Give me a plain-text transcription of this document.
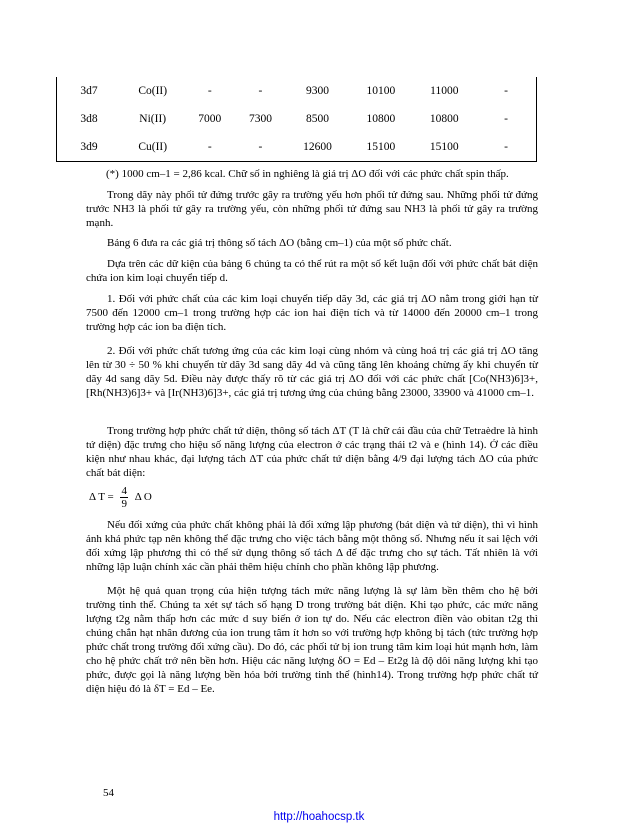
3d7	Co(II)	-	-	9300	10100	11000	-
3d8	Ni(II)	7000	7300	8500	10800	10800	-
3d9	Cu(II)	-	-	12600	15100	15100	-
(*) 1000 cm–1 = 2,86 kcal. Chữ số in nghiêng là giá trị ΔO đối với các phức chất spin thấp.
Trong dãy này phối tử đứng trước gây ra trường yếu hơn phối tử đứng sau. Những phối tử đứng trước NH3 là phối tử gây ra trường yếu, còn những phối tử đứng sau NH3 là phối tử gây ra trường mạnh.
Bảng 6 đưa ra các giá trị thông số tách ΔO (bằng cm–1) của một số phức chất.
Dựa trên các dữ kiện của bảng 6 chúng ta có thể rút ra một số kết luận đối với phức chất bát diện chứa ion kim loại chuyển tiếp d.
1. Đối với phức chất của các kim loại chuyển tiếp dãy 3d, các giá trị ΔO nằm trong giới hạn từ 7500 đến 12000 cm–1 trong trường hợp các ion hai điện tích và từ 14000 đến 20000 cm–1 trong trường hợp các ion ba điện tích.
2. Đối với phức chất tương ứng của các kim loại cùng nhóm và cùng hoá trị các giá trị ΔO tăng lên từ 30 ÷ 50 % khi chuyển từ dãy 3d sang dãy 4d và cũng tăng lên khoảng chừng ấy khi chuyển từ dãy 4d sang dãy 5d. Điều này được thấy rõ từ các giá trị ΔO đối với các phức chất [Co(NH3)6]3+, [Rh(NH3)6]3+ và [Ir(NH3)6]3+, các giá trị tương ứng của chúng bằng 23000, 33900 và 41000 cm–1.
Trong trường hợp phức chất tứ diện, thông số tách ΔT (T là chữ cái đầu của chữ Tetraèdre là hình tứ diện) đặc trưng cho hiệu số năng lượng của electron ở các trạng thái t2 và e (hình 14). Ở các điều kiện như nhau khác, đại lượng tách ΔT của phức chất tứ diện bằng 4/9 đại lượng tách ΔO của phức chất bát diện:
Δ $T = \frac{4}{9}$ Δ O
Nếu đối xứng của phức chất không phải là đối xứng lập phương (bát diện và tứ diện), thì vì hình ảnh khá phức tạp nên không thể đặc trưng cho việc tách bằng một thông số. Nhưng nếu ít sai lệch với đối xứng lập phương thì có thể sử dụng thông số tách Δ để đặc trưng cho sự tách. Tất nhiên là với những lập luận chính xác cần phải thêm hiệu chính cho phần không lập phương.
Một hệ quả quan trọng của hiện tượng tách mức năng lượng là sự làm bền thêm cho hệ bởi trường tinh thể. Chúng ta xét sự tách số hạng D trong trường bát diện. Khi tạo phức, các mức năng lượng t2g nằm thấp hơn các mức d suy biến ở ion tự do. Nếu các electron điền vào obitan t2g thì chúng chắn hạt nhân đương của ion trung tâm ít hơn so với trường hợp không bị tách (tức trường hợp phức chất trong trường đối xứng cầu). Do đó, các phối tử bị ion trung tâm kim loại hút mạnh hơn, làm cho hệ phức chất trở nên bền hơn. Hiệu các năng lượng δO = Ed – Et2g là độ dôi năng lượng khi tạo phức, được gọi là năng lượng bền hóa bởi trường tinh thể (hình14). Trong trường hợp phức chất tứ diện hiệu đó là δT = Ed – Ee.
54
http://hoahocsp.tk
